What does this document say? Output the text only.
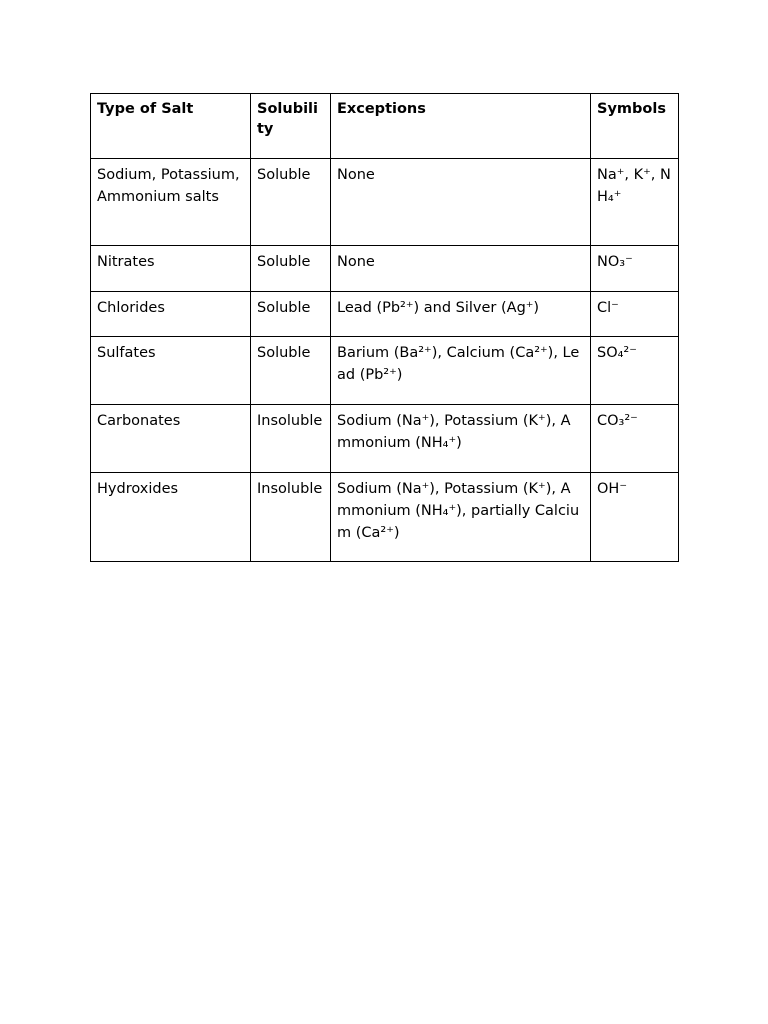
Type of Salt	Solubility	Exceptions	Symbols
Sodium, Potassium, Ammonium salts	Soluble	None	Na⁺, K⁺, NH₄⁺
Nitrates	Soluble	None	NO₃⁻
Chlorides	Soluble	Lead (Pb²⁺) and Silver (Ag⁺)	Cl⁻
Sulfates	Soluble	Barium (Ba²⁺), Calcium (Ca²⁺), Lead (Pb²⁺)	SO₄²⁻
Carbonates	Insoluble	Sodium (Na⁺), Potassium (K⁺), Ammonium (NH₄⁺)	CO₃²⁻
Hydroxides	Insoluble	Sodium (Na⁺), Potassium (K⁺), Ammonium (NH₄⁺), partially Calcium (Ca²⁺)	OH⁻
